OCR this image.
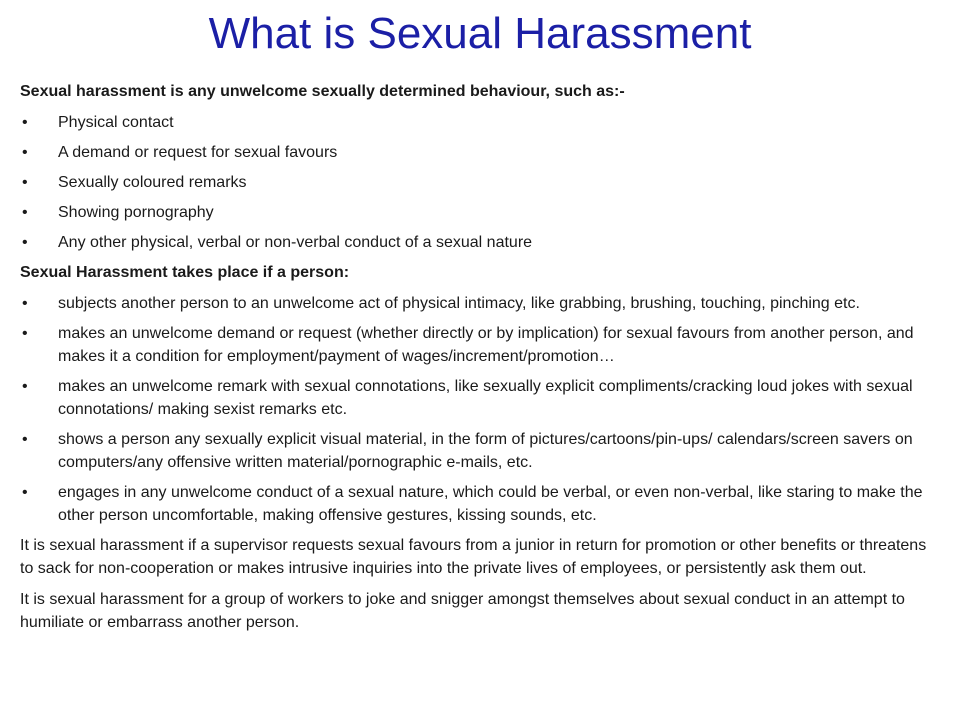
What is Sexual Harassment

Sexual harassment is any unwelcome sexually determined behaviour, such as:-

• Physical contact
• A demand or request for sexual favours
• Sexually coloured remarks
• Showing pornography
• Any other physical, verbal or non-verbal conduct of a sexual nature

Sexual Harassment takes place if a person:

• subjects another person to an unwelcome act of physical intimacy, like grabbing, brushing, touching, pinching etc.
• makes an unwelcome demand or request (whether directly or by implication) for sexual favours from another person, and makes it a condition for employment/payment of wages/increment/promotion…
• makes an unwelcome remark with sexual connotations, like sexually explicit compliments/cracking loud jokes with sexual connotations/ making sexist remarks etc.
• shows a person any sexually explicit visual material, in the form of pictures/cartoons/pin-ups/ calendars/screen savers on computers/any offensive written material/pornographic e-mails, etc.
• engages in any unwelcome conduct of a sexual nature, which could be verbal, or even non-verbal, like staring to make the other person uncomfortable, making offensive gestures, kissing sounds, etc.

It is sexual harassment if a supervisor requests sexual favours from a junior in return for promotion or other benefits or threatens to sack for non-cooperation or makes intrusive inquiries into the private lives of employees, or persistently ask them out.

It is sexual harassment for a group of workers to joke and snigger amongst themselves about sexual conduct in an attempt to humiliate or embarrass another person.
